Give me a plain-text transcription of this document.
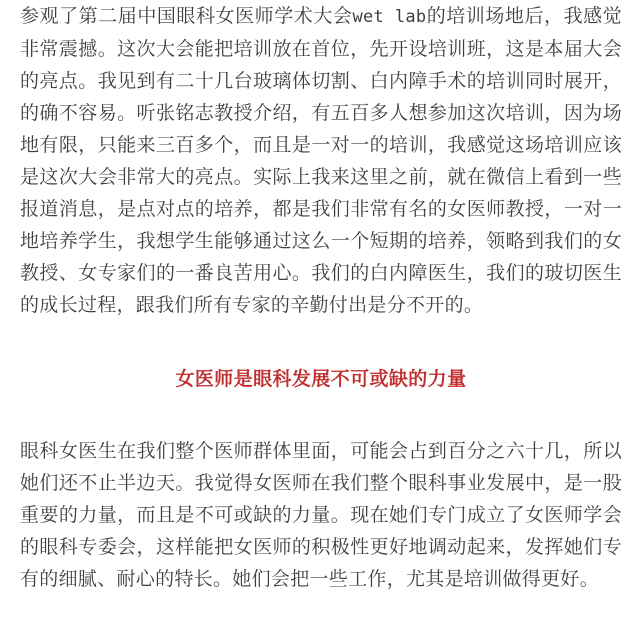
参观了第二届中国眼科女医师学术大会wet lab的培训场地后，我感觉非常震撼。这次大会能把培训放在首位，先开设培训班，这是本届大会的亮点。我见到有二十几台玻璃体切割、白内障手术的培训同时展开，的确不容易。听张铭志教授介绍，有五百多人想参加这次培训，因为场地有限，只能来三百多个，而且是一对一的培训，我感觉这场培训应该是这次大会非常大的亮点。实际上我来这里之前，就在微信上看到一些报道消息，是点对点的培养，都是我们非常有名的女医师教授，一对一地培养学生，我想学生能够通过这么一个短期的培养，领略到我们的女教授、女专家们的一番良苦用心。我们的白内障医生，我们的玻切医生的成长过程，跟我们所有专家的辛勤付出是分不开的。

女医师是眼科发展不可或缺的力量

眼科女医生在我们整个医师群体里面，可能会占到百分之六十几，所以她们还不止半边天。我觉得女医师在我们整个眼科事业发展中，是一股重要的力量，而且是不可或缺的力量。现在她们专门成立了女医师学会的眼科专委会，这样能把女医师的积极性更好地调动起来，发挥她们专有的细腻、耐心的特长。她们会把一些工作，尤其是培训做得更好。
